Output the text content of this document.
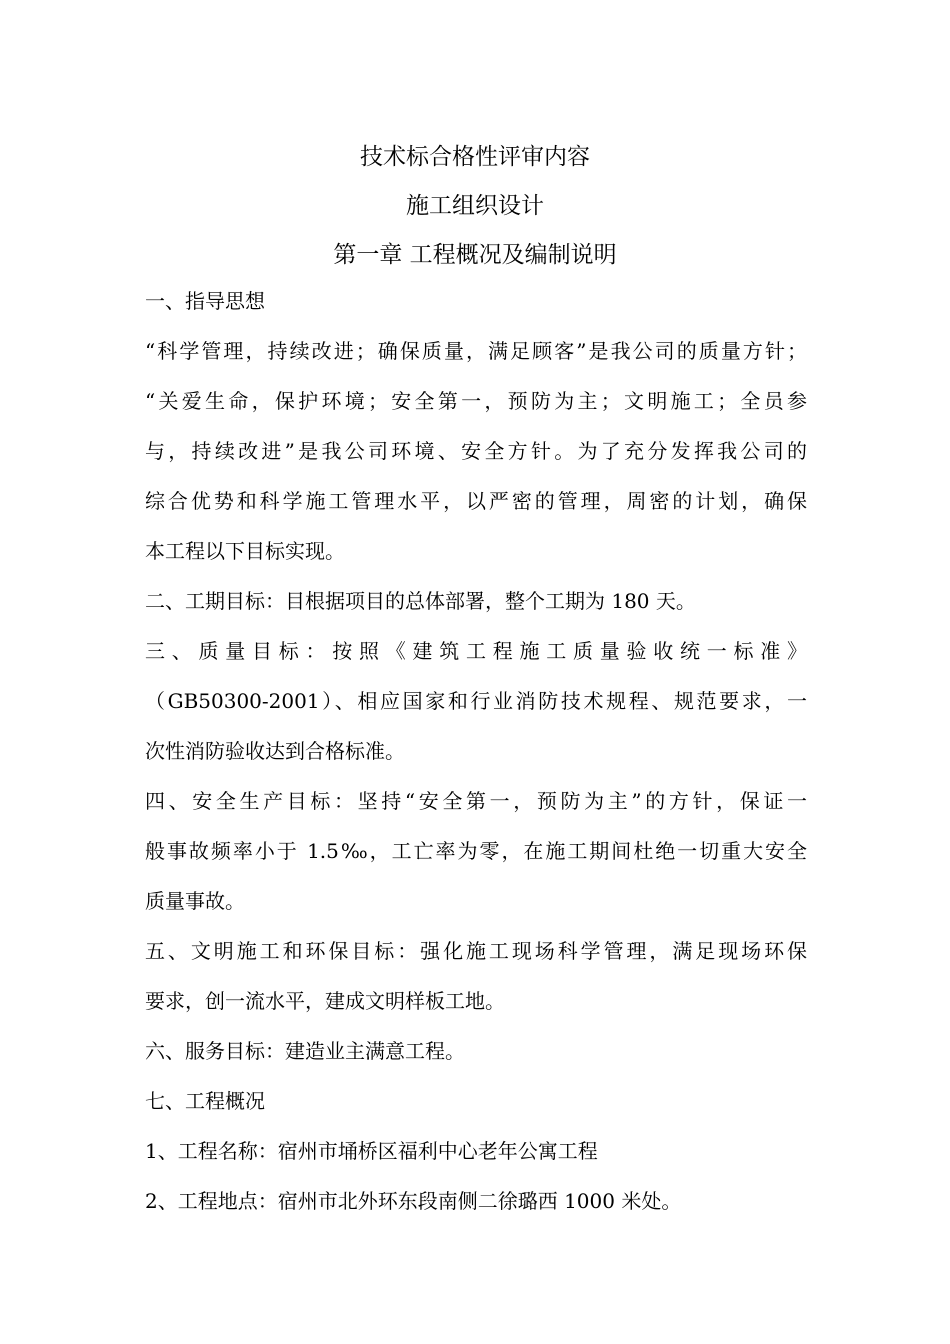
技术标合格性评审内容
施工组织设计
第一章 工程概况及编制说明
一、指导思想
“科学管理，持续改进；确保质量，满足顾客”是我公司的质量方针；
“关爱生命，保护环境；安全第一，预防为主；文明施工；全员参
与，持续改进”是我公司环境、安全方针。为了充分发挥我公司的
综合优势和科学施工管理水平，以严密的管理，周密的计划，确保
本工程以下目标实现。
二、工期目标：目根据项目的总体部署，整个工期为 180 天。
三、质量目标：按照《建筑工程施工质量验收统一标准》
（GB50300-2001）、相应国家和行业消防技术规程、规范要求，一
次性消防验收达到合格标准。
四、安全生产目标：坚持“安全第一，预防为主”的方针，保证一
般事故频率小于 1.5‰，工亡率为零，在施工期间杜绝一切重大安全
质量事故。
五、文明施工和环保目标：强化施工现场科学管理，满足现场环保
要求，创一流水平，建成文明样板工地。
六、服务目标：建造业主满意工程。
七、工程概况
1、工程名称：宿州市埇桥区福利中心老年公寓工程
2、工程地点：宿州市北外环东段南侧二徐璐西 1000 米处。
